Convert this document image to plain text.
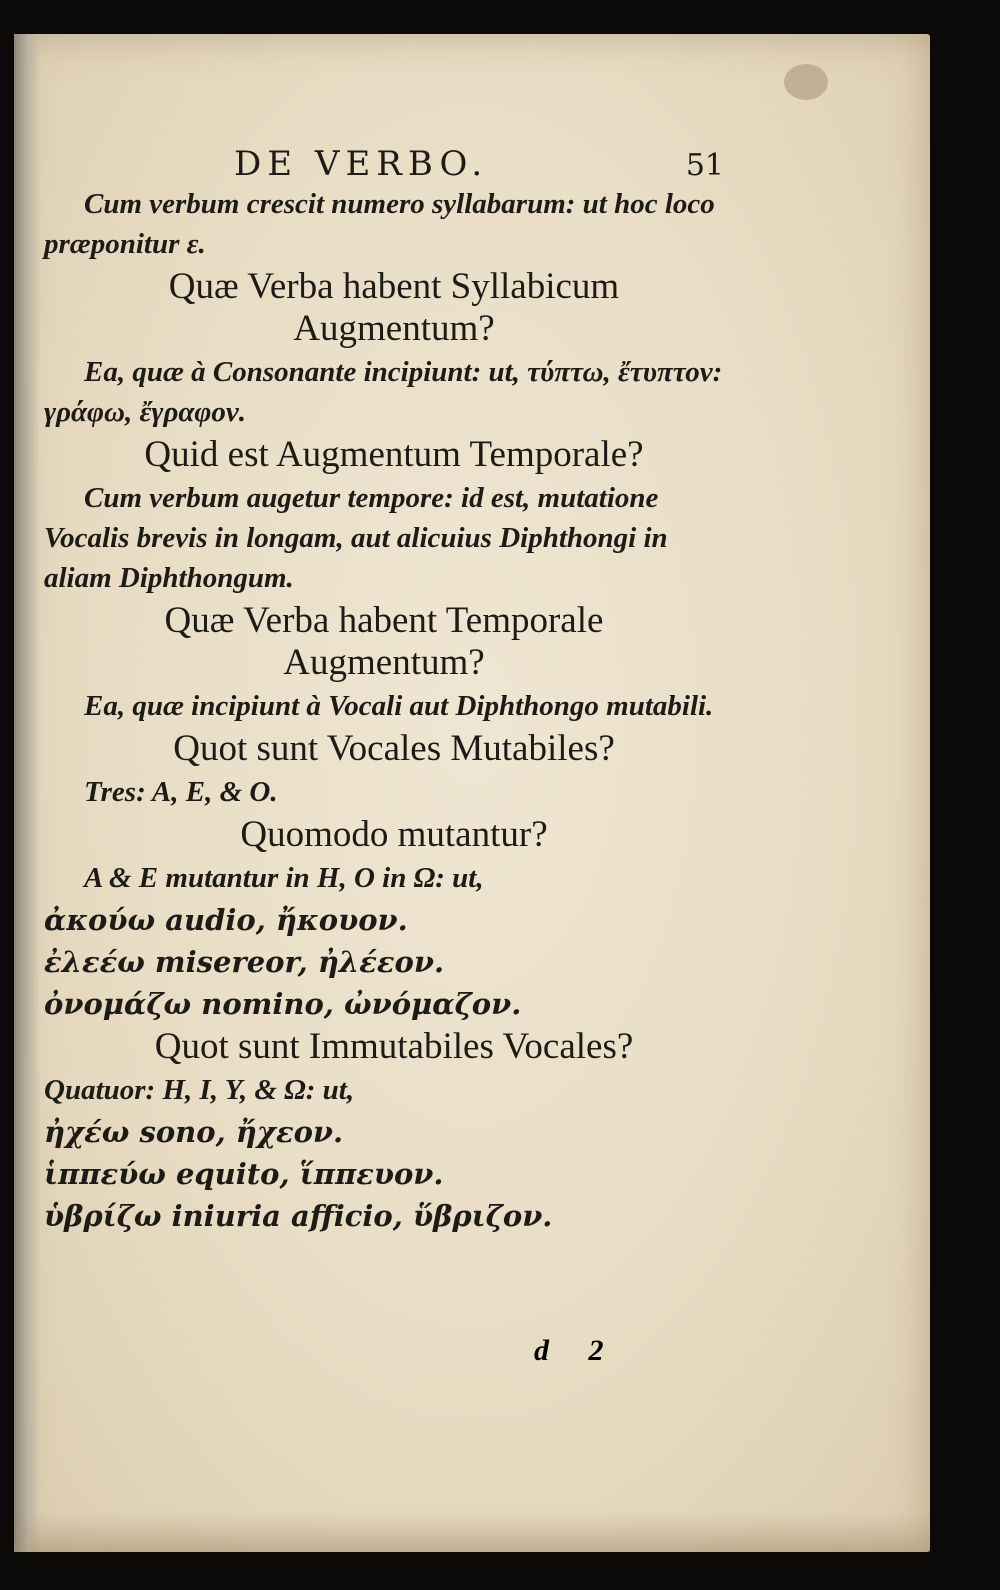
DE VERBO.	51
Cum verbum crescit numero syllabarum: ut hoc loco præponitur ε.
Quæ Verba habent Syllabicum Augmentum?
Ea, quæ à Consonante incipiunt: ut, τύπτω, ἔτυπτον: γράφω, ἔγραφον.
Quid est Augmentum Temporale?
Cum verbum augetur tempore: id est, mutatione Vocalis brevis in longam, aut alicuius Diphthongi in aliam Diphthongum.
Quæ Verba habent Temporale Augmentum?
Ea, quæ incipiunt à Vocali aut Diphthongo mutabili.
Quot sunt Vocales Mutabiles?
Tres: A, E, & O.
Quomodo mutantur?
A & E mutantur in H, O in Ω: ut,
ἀκούω audio, ἤκουον.
ἐλεέω misereor, ἠλέεον.
ὀνομάζω nomino, ὠνόμαζον.
Quot sunt Immutabiles Vocales?
Quatuor: H, I, Y, & Ω: ut,
ἠχέω sono, ἤχεον.
ἱππεύω equito, ἵππευον.
ὑβρίζω iniuria afficio, ὕβριζον.
d 2
